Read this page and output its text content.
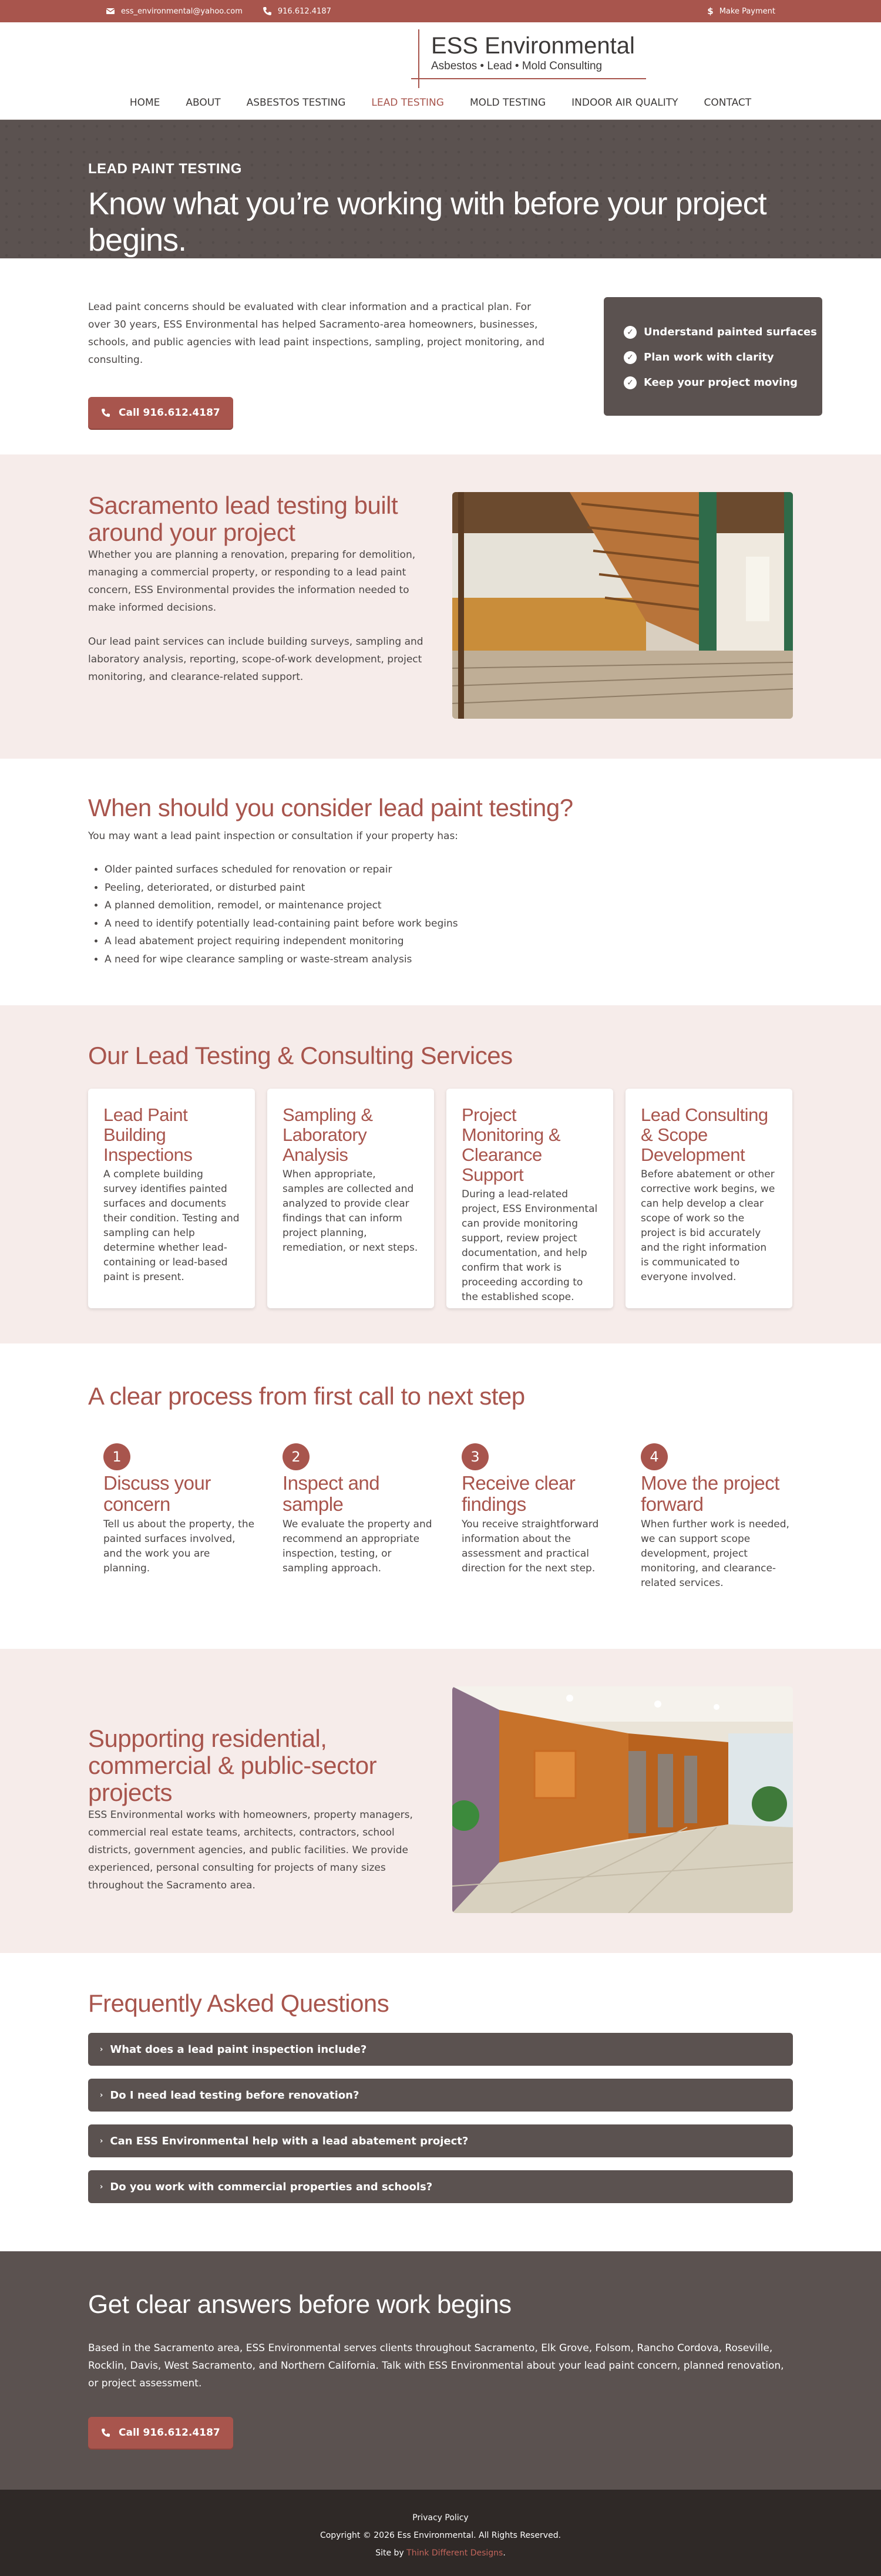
ess_environmental@yahoo.com	916.612.4187	$ Make Payment
ESS Environmental
Asbestos • Lead • Mold Consulting
HOME	ABOUT	ASBESTOS TESTING	LEAD TESTING	MOLD TESTING	INDOOR AIR QUALITY	CONTACT
LEAD PAINT TESTING
Know what you’re working with before your project begins.

Lead paint concerns should be evaluated with clear information and a practical plan. For over 30 years, ESS Environmental has helped Sacramento-area homeowners, businesses, schools, and public agencies with lead paint inspections, sampling, project monitoring, and consulting.

Call 916.612.4187
✓ Understand painted surfaces
✓ Plan work with clarity
✓ Keep your project moving
Sacramento lead testing built around your project

Whether you are planning a renovation, preparing for demolition, managing a commercial property, or responding to a lead paint concern, ESS Environmental provides the information needed to make informed decisions.

Our lead paint services can include building surveys, sampling and laboratory analysis, reporting, scope-of-work development, project monitoring, and clearance-related support.

When should you consider lead paint testing?
You may want a lead paint inspection or consultation if your property has:
• Older painted surfaces scheduled for renovation or repair
• Peeling, deteriorated, or disturbed paint
• A planned demolition, remodel, or maintenance project
• A need to identify potentially lead-containing paint before work begins
• A lead abatement project requiring independent monitoring
• A need for wipe clearance sampling or waste-stream analysis
Our Lead Testing & Consulting Services
Lead Paint Building Inspections

A complete building survey identifies painted surfaces and documents their condition. Testing and sampling can help determine whether lead-containing or lead-based paint is present.

Sampling & Laboratory Analysis

When appropriate, samples are collected and analyzed to provide clear findings that can inform project planning, remediation, or next steps.

Project Monitoring & Clearance Support

During a lead-related project, ESS Environmental can provide monitoring support, review project documentation, and help confirm that work is proceeding according to the established scope.

Lead Consulting & Scope Development

Before abatement or other corrective work begins, we can help develop a clear scope of work so the project is bid accurately and the right information is communicated to everyone involved.

A clear process from first call to next step
1
Discuss your concern

Tell us about the property, the painted surfaces involved, and the work you are planning.

2
Inspect and sample

We evaluate the property and recommend an appropriate inspection, testing, or sampling approach.

3
Receive clear findings

You receive straightforward information about the assessment and practical direction for the next step.

4
Move the project forward

When further work is needed, we can support scope development, project monitoring, and clearance-related services.

Supporting residential, commercial & public-sector projects

ESS Environmental works with homeowners, property managers, commercial real estate teams, architects, contractors, school districts, government agencies, and public facilities. We provide experienced, personal consulting for projects of many sizes throughout the Sacramento area.

Frequently Asked Questions
› What does a lead paint inspection include?
› Do I need lead testing before renovation?
› Can ESS Environmental help with a lead abatement project?
› Do you work with commercial properties and schools?
Get clear answers before work begins

Based in the Sacramento area, ESS Environmental serves clients throughout Sacramento, Elk Grove, Folsom, Rancho Cordova, Roseville, Rocklin, Davis, West Sacramento, and Northern California. Talk with ESS Environmental about your lead paint concern, planned renovation, or project assessment.

Call 916.612.4187
Privacy Policy
Copyright © 2026 Ess Environmental. All Rights Reserved.
Site by Think Different Designs.
